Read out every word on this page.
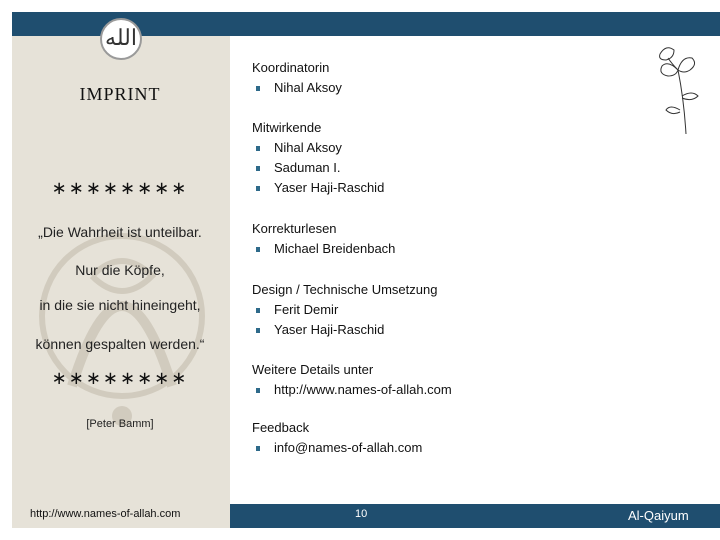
الله
IMPRINT
∗∗∗∗∗∗∗∗
„Die Wahrheit ist unteilbar.
Nur die Köpfe,
in die sie nicht hineingeht,
können gespalten werden.“
∗∗∗∗∗∗∗∗
[Peter Bamm]
Koordinatorin
Nihal Aksoy
Mitwirkende
Nihal Aksoy
Saduman I.
Yaser Haji-Raschid
Korrekturlesen
Michael Breidenbach
Design / Technische Umsetzung
Ferit Demir
Yaser Haji-Raschid
Weitere Details unter
http://www.names-of-allah.com
Feedback
info@names-of-allah.com
http://www.names-of-allah.com	10	Al-Qaiyum
